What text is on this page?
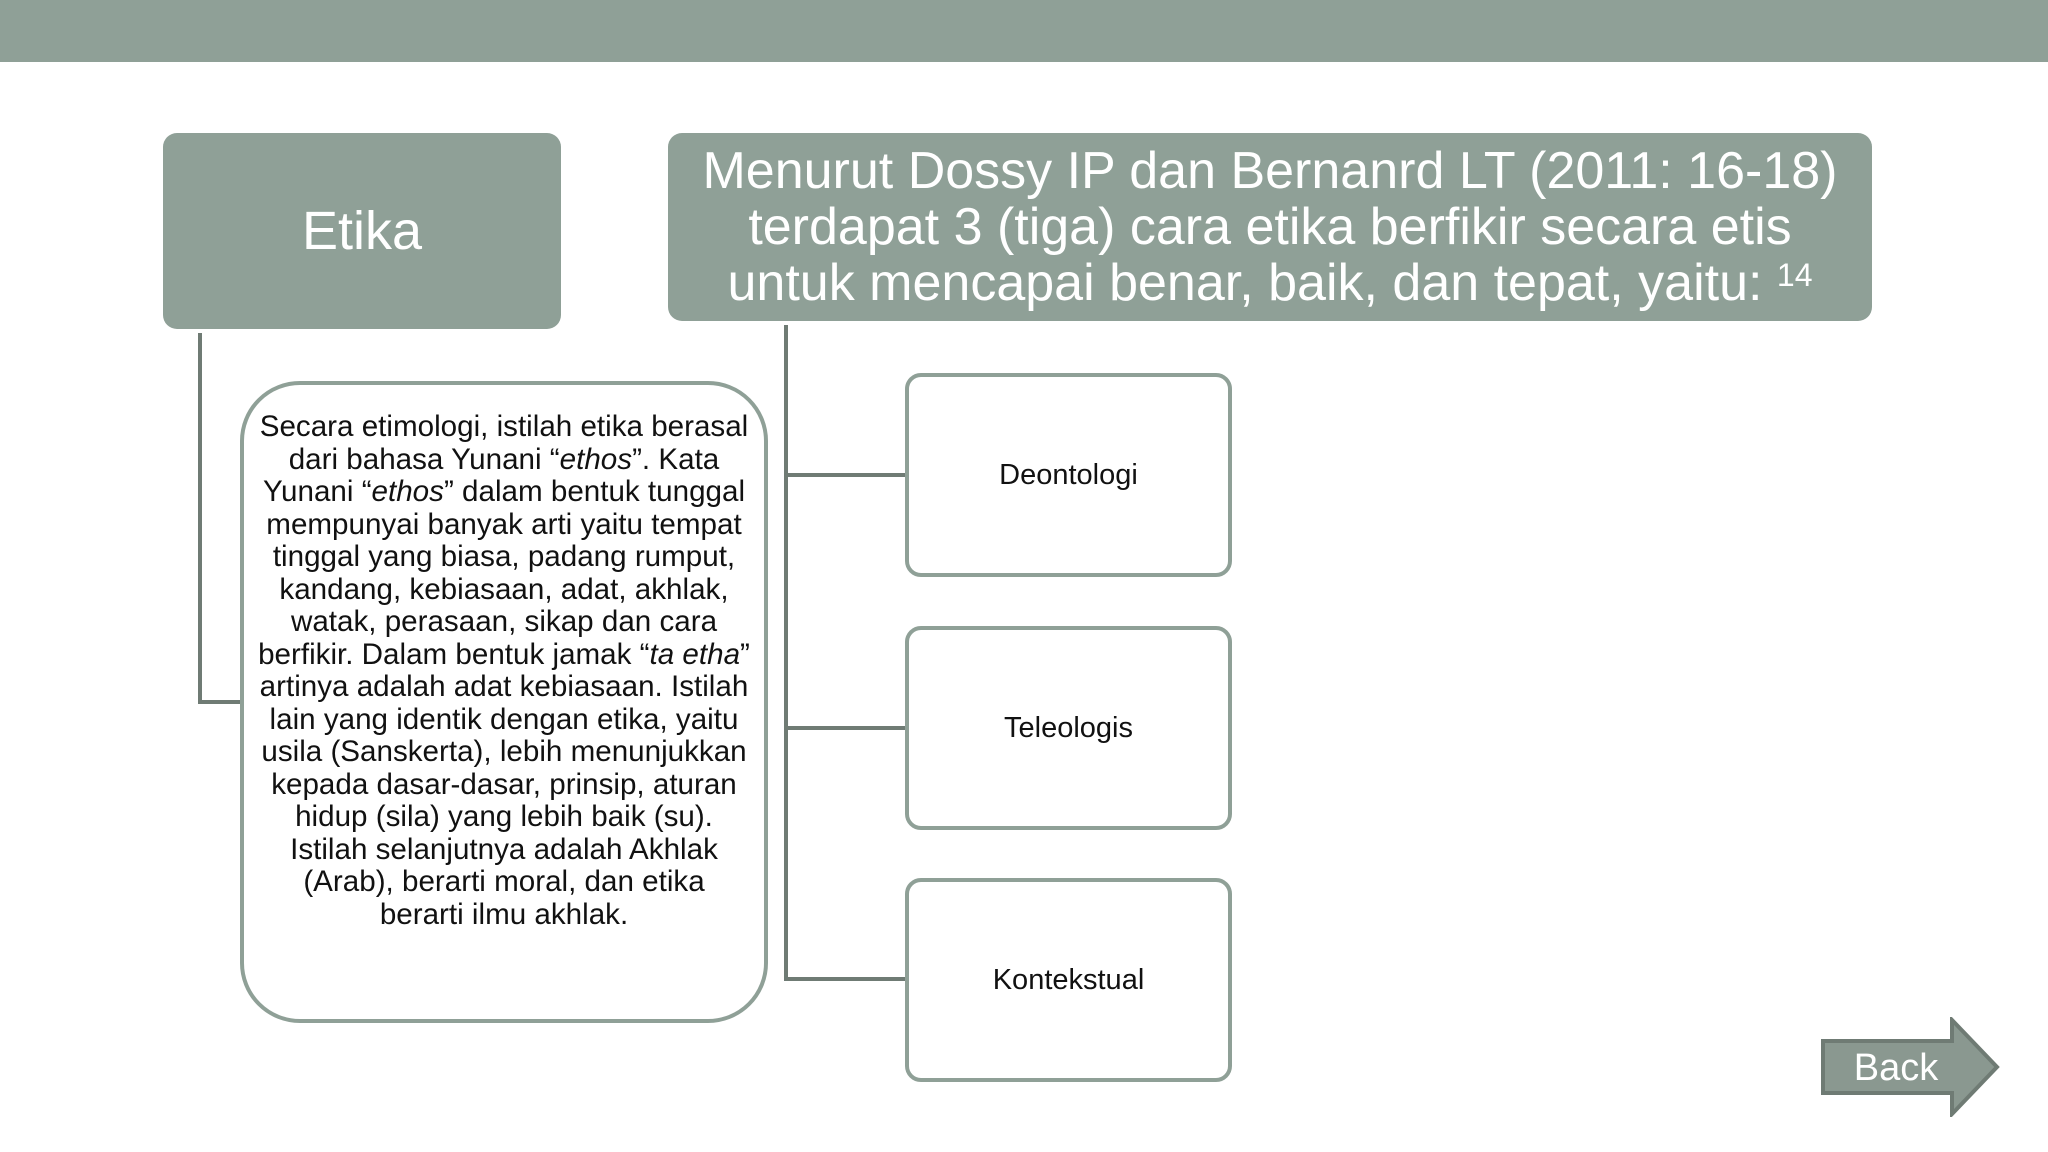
Etika
Menurut Dossy IP dan Bernanrd LT (2011: 16-18) terdapat 3 (tiga) cara etika berfikir secara etis untuk mencapai benar, baik, dan tepat, yaitu: $^{14}$
Secara etimologi, istilah etika berasal dari bahasa Yunani “ethos”. Kata Yunani “ethos” dalam bentuk tunggal mempunyai banyak arti yaitu tempat tinggal yang biasa, padang rumput, kandang, kebiasaan, adat, akhlak, watak, perasaan, sikap dan cara berfikir. Dalam bentuk jamak “ta etha” artinya adalah adat kebiasaan. Istilah lain yang identik dengan etika, yaitu usila (Sanskerta), lebih menunjukkan kepada dasar-dasar, prinsip, aturan hidup (sila) yang lebih baik (su). Istilah selanjutnya adalah Akhlak (Arab), berarti moral, dan etika berarti ilmu akhlak.
Deontologi
Teleologis
Kontekstual
Back
